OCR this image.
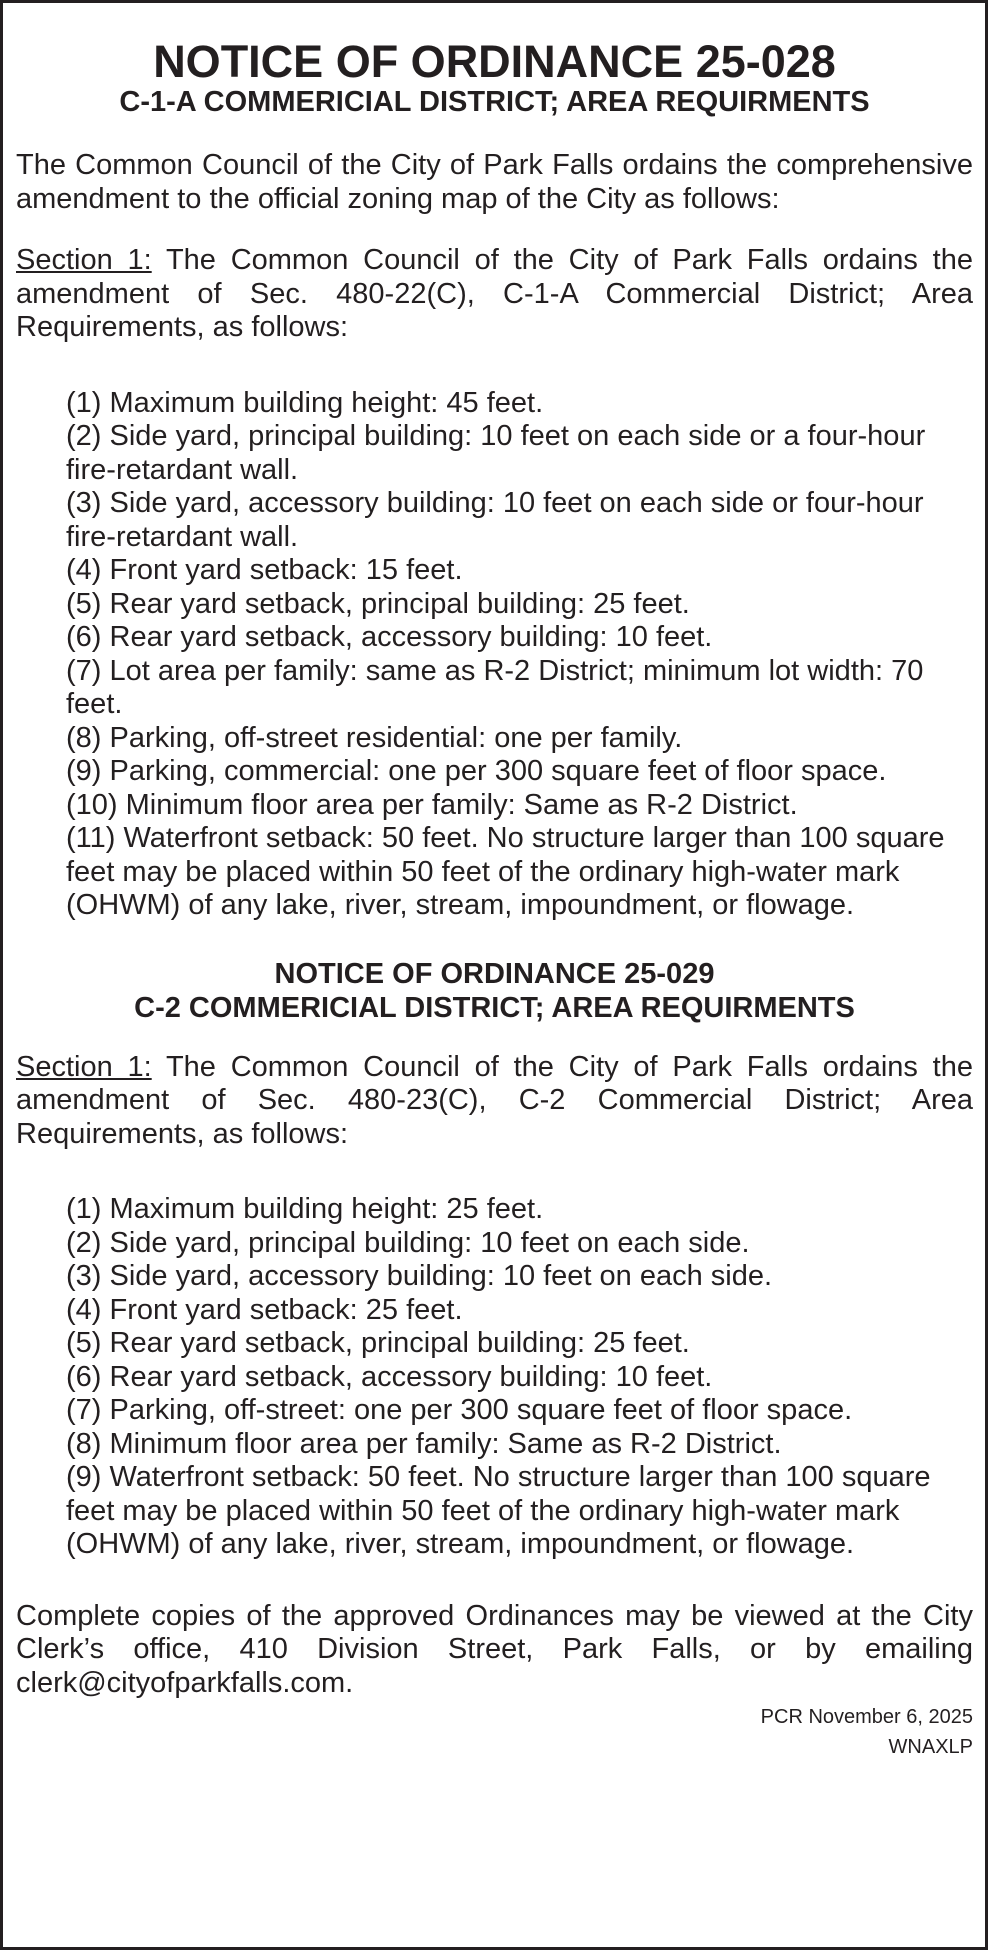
NOTICE OF ORDINANCE 25-028
C-1-A COMMERICIAL DISTRICT; AREA REQUIRMENTS

The Common Council of the City of Park Falls ordains the comprehensive amendment to the official zoning map of the City as follows:

Section 1: The Common Council of the City of Park Falls ordains the amendment of Sec. 480-22(C), C-1-A Commercial District; Area Requirements, as follows:

(1) Maximum building height: 45 feet.
(2) Side yard, principal building: 10 feet on each side or a four-hour fire-retardant wall.
(3) Side yard, accessory building: 10 feet on each side or four-hour fire-retardant wall.
(4) Front yard setback: 15 feet.
(5) Rear yard setback, principal building: 25 feet.
(6) Rear yard setback, accessory building: 10 feet.
(7) Lot area per family: same as R-2 District; minimum lot width: 70 feet.
(8) Parking, off-street residential: one per family.
(9) Parking, commercial: one per 300 square feet of floor space.
(10) Minimum floor area per family: Same as R-2 District.
(11) Waterfront setback: 50 feet. No structure larger than 100 square feet may be placed within 50 feet of the ordinary high-water mark (OHWM) of any lake, river, stream, impoundment, or flowage.
NOTICE OF ORDINANCE 25-029
C-2 COMMERICIAL DISTRICT; AREA REQUIRMENTS

Section 1: The Common Council of the City of Park Falls ordains the amendment of Sec. 480-23(C), C-2 Commercial District; Area Requirements, as follows:

(1) Maximum building height: 25 feet.
(2) Side yard, principal building: 10 feet on each side.
(3) Side yard, accessory building: 10 feet on each side.
(4) Front yard setback: 25 feet.
(5) Rear yard setback, principal building: 25 feet.
(6) Rear yard setback, accessory building: 10 feet.
(7) Parking, off-street: one per 300 square feet of floor space.
(8) Minimum floor area per family: Same as R-2 District.
(9) Waterfront setback: 50 feet. No structure larger than 100 square feet may be placed within 50 feet of the ordinary high-water mark (OHWM) of any lake, river, stream, impoundment, or flowage.

Complete copies of the approved Ordinances may be viewed at the City Clerk’s office, 410 Division Street, Park Falls, or by emailing clerk@cityofparkfalls.com.

PCR November 6, 2025

WNAXLP
